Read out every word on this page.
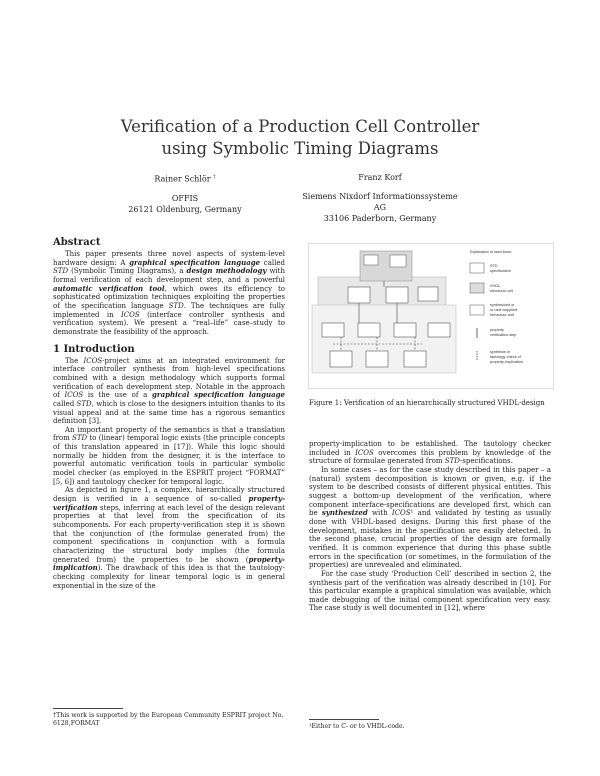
Verification of a Production Cell Controller
using Symbolic Timing Diagrams
Rainer Schlör †
OFFIS
26121 Oldenburg, Germany
Franz Korf
Siemens Nixdorf Informationssysteme AG
33106 Paderborn, Germany
Abstract

This paper presents three novel aspects of system-level hardware design: A graphical specification language called STD (Symbolic Timing Diagrams), a design methodology with formal verification of each development step, and a powerful automatic verification tool, which owes its efficiency to sophisticated optimization techniques exploiting the properties of the specification language STD. The techniques are fully implemented in ICOS (interface controller synthesis and verification system). We present a “real–life” case–study to demonstrate the feasibility of the approach.

1 Introduction

The ICOS-project aims at an integrated environment for interface controller synthesis from high-level specifications combined with a design methodology which supports formal verification of each development step. Notable in the approach of ICOS is the use of a graphical specification language called STD, which is close to the designers intuition thanks to its visual appeal and at the same time has a rigorous semantics definition [3].

An important property of the semantics is that a translation from STD to (linear) temporal logic exists (the principle concepts of this translation appeared in [17]). While this logic should normally be hidden from the designer, it is the interface to powerful automatic verification tools in particular symbolic model checker (as employed in the ESPRIT project “FORMAT” [5, 6]) and tautology checker for temporal logic.

As depicted in figure 1, a complex, hierarchically structured design is verified in a sequence of so-called property-verification steps, inferring at each level of the design relevant properties at that level from the specification of its subcomponents. For each property-verification step it is shown that the conjunction of (the formulae generated from) the component specifications in conjunction with a formula characterizing the structural body implies (the formula generated from) the properties to be shown (property-implication). The drawback of this idea is that the tautology-checking complexity for linear temporal logic is in general exponential in the size of the

†This work is supported by the European Community ESPRIT project No. 6128,FORMAT
Explanation of used icons:
STD
specification
VHDL-
structural unit
synthesized or
or user-supplied
behaviour unit
property
verification step
synthesis or
tautology-check of
property-implication
Figure 1: Verification of an hierarchically structured VHDL-design

property-implication to be established. The tautology checker included in ICOS overcomes this problem by knowledge of the structure of formulae generated from STD-specifications.

In some cases – as for the case study described in this paper – a (natural) system decomposition is known or given, e.g. if the system to be described consists of different physical entities. This suggest a bottom-up development of the verification, where component interface-specifications are developed first, which can be synthesized with ICOS¹ and validated by testing as usually done with VHDL-based designs. During this first phase of the development, mistakes in the specification are easily detected. In the second phase, crucial properties of the design are formally verified. It is common experience that during this phase subtle errors in the specification (or sometimes, in the formulation of the properties) are unrevealed and eliminated.

For the case study ‘Production Cell’ described in section 2, the synthesis part of the verification was already described in [10]. For this particular example a graphical simulation was available, which made debugging of the initial component specification very easy. The case study is well documented in [12], where

¹Either to C- or to VHDL-code.
